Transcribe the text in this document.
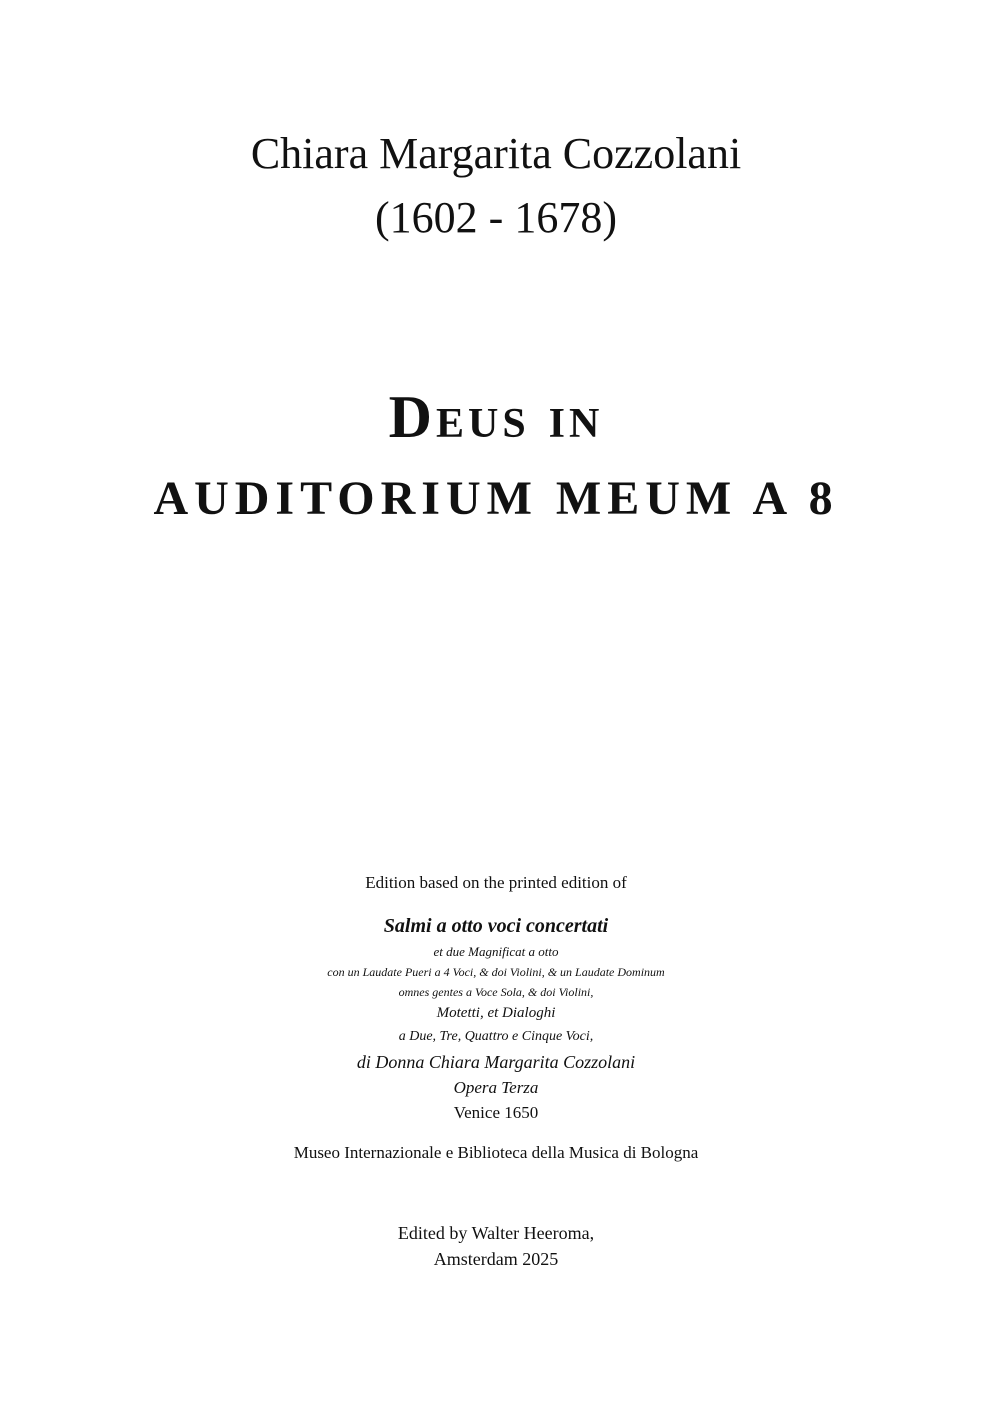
Chiara Margarita Cozzolani
(1602 - 1678)
Deus in
AUDITORIUM MEUM A 8
Edition based on the printed edition of
Salmi a otto voci concertati
et due Magnificat a otto
con un Laudate Pueri a 4 Voci, & doi Violini, & un Laudate Dominum
omnes gentes a Voce Sola, & doi Violini,
Motetti, et Dialoghi
a Due, Tre, Quattro e Cinque Voci,
di Donna Chiara Margarita Cozzolani
Opera Terza
Venice 1650
Museo Internazionale e Biblioteca della Musica di Bologna
Edited by Walter Heeroma,
Amsterdam 2025
